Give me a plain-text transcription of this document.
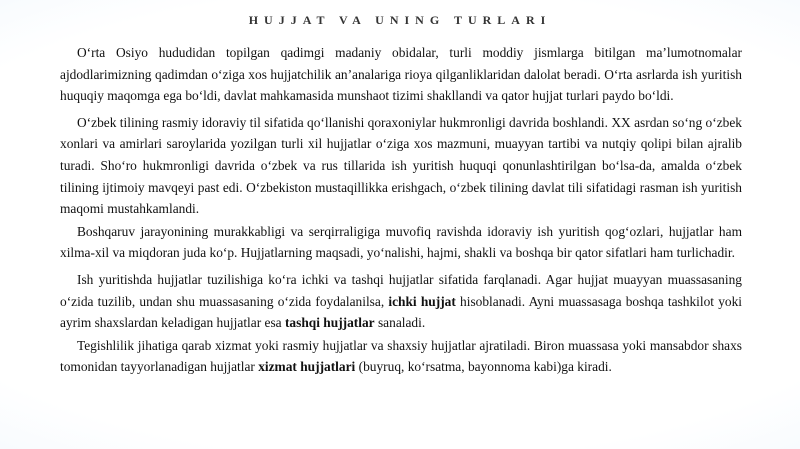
HUJJAT VA UNING TURLARI

O‘rta Osiyo hududidan topilgan qadimgi madaniy obidalar, turli moddiy jismlarga bitilgan ma’lumotnomalar ajdodlarimizning qadimdan o‘ziga xos hujjatchilik an’analariga rioya qilganliklaridan dalolat beradi. O‘rta asrlarda ish yuritish huquqiy maqomga ega bo‘ldi, davlat mahkamasida munshaot tizimi shakllandi va qator hujjat turlari paydo bo‘ldi.

O‘zbek tilining rasmiy idoraviy til sifatida qo‘llanishi qoraxoniylar hukmronligi davrida boshlandi. XX asrdan so‘ng o‘zbek xonlari va amirlari saroylarida yozilgan turli xil hujjatlar o‘ziga xos mazmuni, muayyan tartibi va nutqiy qolipi bilan ajralib turadi. Sho‘ro hukmronligi davrida o‘zbek va rus tillarida ish yuritish huquqi qonunlashtirilgan bo‘lsa-da, amalda o‘zbek tilining ijtimoiy mavqeyi past edi. O‘zbekiston mustaqillikka erishgach, o‘zbek tilining davlat tili sifatidagi rasman ish yuritish maqomi mustahkamlandi.

Boshqaruv jarayonining murakkabligi va serqirraligiga muvofiq ravishda idoraviy ish yuritish qog‘ozlari, hujjatlar ham xilma-xil va miqdoran juda ko‘p. Hujjatlarning maqsadi, yo‘nalishi, hajmi, shakli va boshqa bir qator sifatlari ham turlichadir.

Ish yuritishda hujjatlar tuzilishiga ko‘ra ichki va tashqi hujjatlar sifatida farqlanadi. Agar hujjat muayyan muassasaning o‘zida tuzilib, undan shu muassasaning o‘zida foydalanilsa, ichki hujjat hisoblanadi. Ayni muassasaga boshqa tashkilot yoki ayrim shaxslardan keladigan hujjatlar esa tashqi hujjatlar sanaladi.

Tegishlilik jihatiga qarab xizmat yoki rasmiy hujjatlar va shaxsiy hujjatlar ajratiladi. Biron muassasa yoki mansabdor shaxs tomonidan tayyorlanadigan hujjatlar xizmat hujjatlari (buyruq, ko‘rsatma, bayonnoma kabi)ga kiradi.
